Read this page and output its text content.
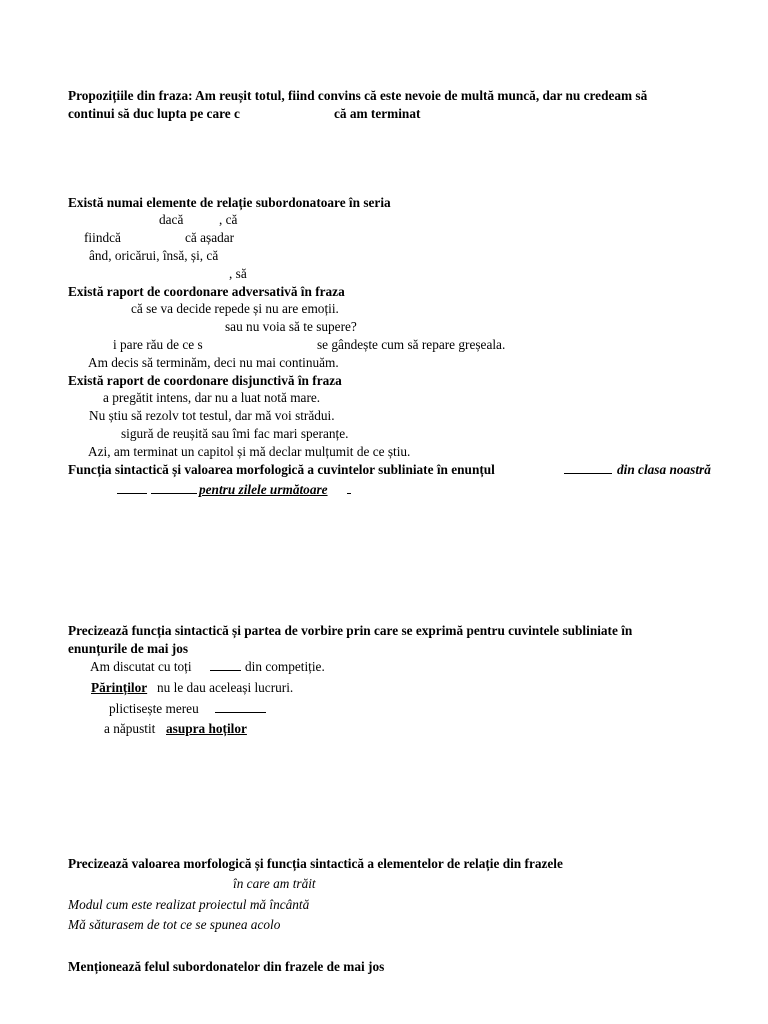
Propozițiile din fraza: Am reușit totul, fiind convins că este nevoie de multă muncă, dar nu credeam să
continui să duc lupta pe care c	că am terminat
Există numai elemente de relație subordonatoare în seria
dacă	, că
fiindcă	că așadar
ând, oricărui, însă, și, că
, să
Există raport de coordonare adversativă în fraza
că se va decide repede și nu are emoții.
sau nu voia să te supere?
i pare rău de ce s	se gândește cum să repare greșeala.
Am decis să terminăm, deci nu mai continuăm.
Există raport de coordonare disjunctivă în fraza
a pregătit intens, dar nu a luat notă mare.
Nu știu să rezolv tot testul, dar mă voi strădui.
sigură de reușită sau îmi fac mari speranțe.
Azi, am terminat un capitol și mă declar mulțumit de ce știu.
Funcția sintactică și valoarea morfologică a cuvintelor subliniate în enunțul	din clasa noastră
pentru zilele următoare
Precizează funcția sintactică și partea de vorbire prin care se exprimă pentru cuvintele subliniate în
enunțurile de mai jos
Am discutat cu toți	din competiție.
Părinților nu le dau aceleași lucruri.
plictisește mereu
a năpustit asupra hoților
Precizează valoarea morfologică și funcția sintactică a elementelor de relație din frazele
în care am trăit
Modul cum este realizat proiectul mă încântă
Mă săturasem de tot ce se spunea acolo
Menționează felul subordonatelor din frazele de mai jos
